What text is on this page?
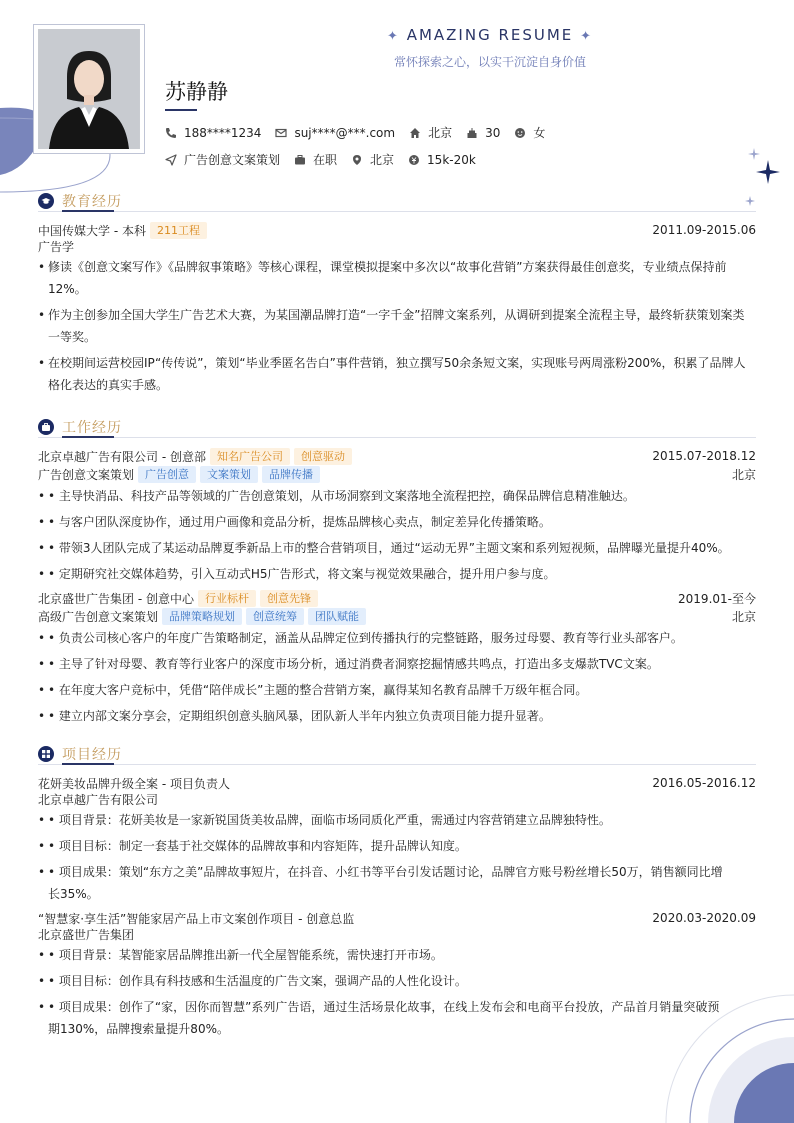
✦ AMAZING RESUME ✦
常怀探索之心，以实干沉淀自身价值
苏静静
188****1234	suj****@***.com	北京	30	女
广告创意文案策划	在职	北京	15k-20k
教育经历
中国传媒大学 - 本科	211工程	2011.09-2015.06
广告学
• 修读《创意文案写作》《品牌叙事策略》等核心课程，课堂模拟提案中多次以“故事化营销”方案获得最佳创意奖，专业绩点保持前12%。
• 作为主创参加全国大学生广告艺术大赛，为某国潮品牌打造“一字千金”招牌文案系列，从调研到提案全流程主导，最终斩获策划案类一等奖。
• 在校期间运营校园IP“传传说”，策划“毕业季匿名告白”事件营销，独立撰写50余条短文案，实现账号两周涨粉200%，积累了品牌人格化表达的真实手感。
工作经历
北京卓越广告有限公司 - 创意部	知名广告公司	创意驱动	2015.07-2018.12
广告创意文案策划	广告创意	文案策划	品牌传播	北京
• • 主导快消品、科技产品等领域的广告创意策划，从市场洞察到文案落地全流程把控，确保品牌信息精准触达。
• • 与客户团队深度协作，通过用户画像和竞品分析，提炼品牌核心卖点，制定差异化传播策略。
• • 带领3人团队完成了某运动品牌夏季新品上市的整合营销项目，通过“运动无界”主题文案和系列短视频，品牌曝光量提升40%。
• • 定期研究社交媒体趋势，引入互动式H5广告形式，将文案与视觉效果融合，提升用户参与度。
北京盛世广告集团 - 创意中心	行业标杆	创意先锋	2019.01-至今
高级广告创意文案策划	品牌策略规划	创意统筹	团队赋能	北京
• • 负责公司核心客户的年度广告策略制定，涵盖从品牌定位到传播执行的完整链路，服务过母婴、教育等行业头部客户。
• • 主导了针对母婴、教育等行业客户的深度市场分析，通过消费者洞察挖掘情感共鸣点，打造出多支爆款TVC文案。
• • 在年度大客户竞标中，凭借“陪伴成长”主题的整合营销方案，赢得某知名教育品牌千万级年框合同。
• • 建立内部文案分享会，定期组织创意头脑风暴，团队新人半年内独立负责项目能力提升显著。
项目经历
花妍美妆品牌升级全案 - 项目负责人	2016.05-2016.12
北京卓越广告有限公司
• • 项目背景：花妍美妆是一家新锐国货美妆品牌，面临市场同质化严重，需通过内容营销建立品牌独特性。
• • 项目目标：制定一套基于社交媒体的品牌故事和内容矩阵，提升品牌认知度。
• • 项目成果：策划“东方之美”品牌故事短片，在抖音、小红书等平台引发话题讨论，品牌官方账号粉丝增长50万，销售额同比增长35%。
“智慧家·享生活”智能家居产品上市文案创作项目 - 创意总监	2020.03-2020.09
北京盛世广告集团
• • 项目背景：某智能家居品牌推出新一代全屋智能系统，需快速打开市场。
• • 项目目标：创作具有科技感和生活温度的广告文案，强调产品的人性化设计。
• • 项目成果：创作了“家，因你而智慧”系列广告语，通过生活场景化故事，在线上发布会和电商平台投放，产品首月销量突破预期130%，品牌搜索量提升80%。
